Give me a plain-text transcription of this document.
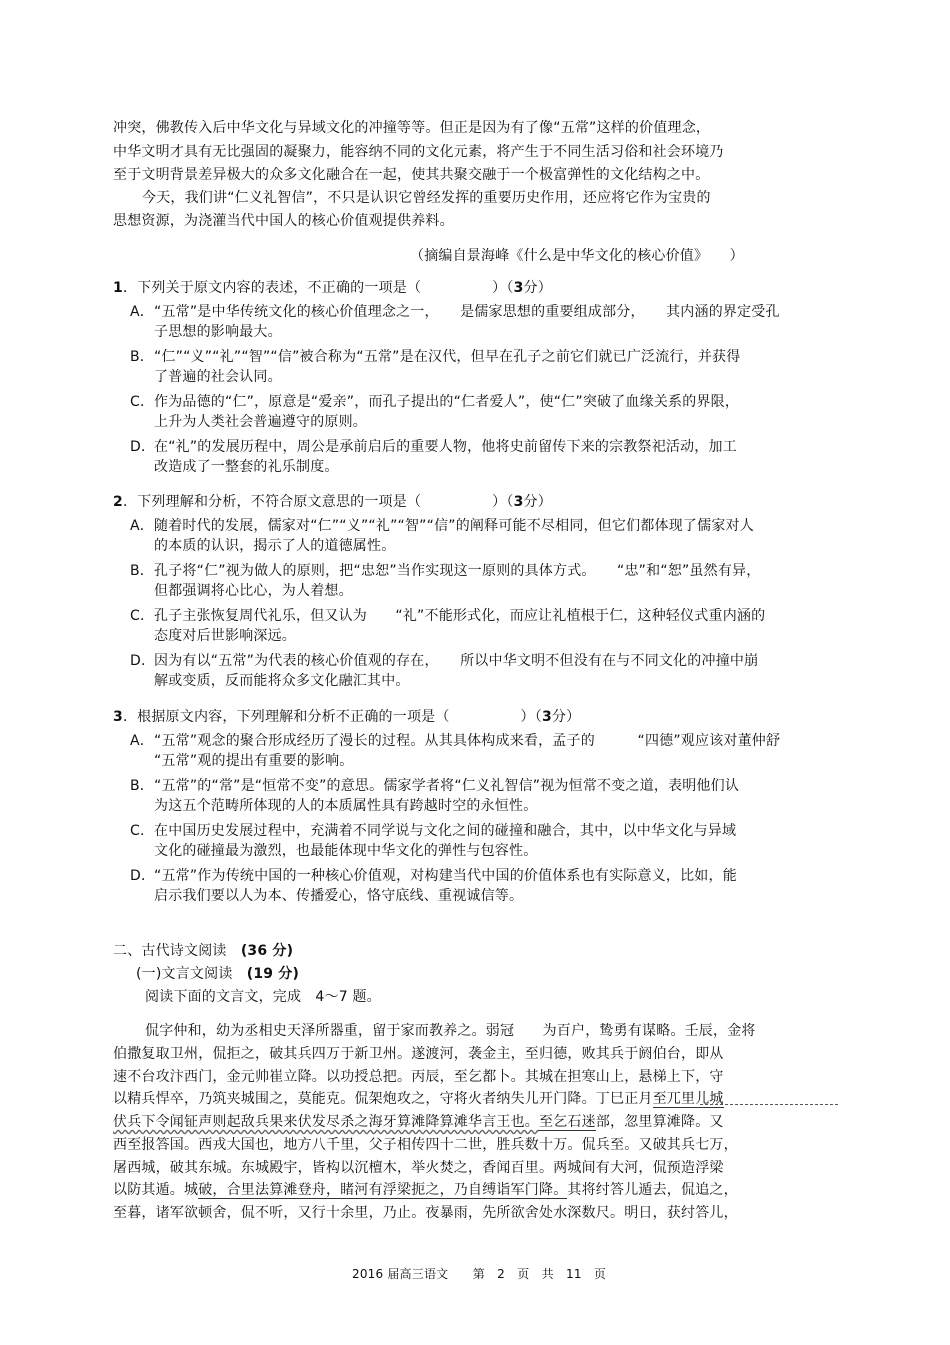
冲突，佛教传入后中华文化与异域文化的冲撞等等。但正是因为有了像“五常”这样的价值理念，
中华文明才具有无比强固的凝聚力，能容纳不同的文化元素，将产生于不同生活习俗和社会环境乃
至于文明背景差异极大的众多文化融合在一起，使其共聚交融于一个极富弹性的文化结构之中。
今天，我们讲“仁义礼智信”，不只是认识它曾经发挥的重要历史作用，还应将它作为宝贵的
思想资源，为浇灌当代中国人的核心价值观提供养料。
（摘编自景海峰《什么是中华文化的核心价值》　　）
1．下列关于原文内容的表述，不正确的一项是（　　　　　）（3分）
A．“五常”是中华传统文化的核心价值理念之一，　　是儒家思想的重要组成部分，　　其内涵的界定受孔
子思想的影响最大。
B．“仁”“义”“礼”“智”“信”被合称为“五常”是在汉代，但早在孔子之前它们就已广泛流行，并获得
了普遍的社会认同。
C．作为品德的“仁”，原意是“爱亲”，而孔子提出的“仁者爱人”，使“仁”突破了血缘关系的界限，
上升为人类社会普遍遵守的原则。
D．在“礼”的发展历程中，周公是承前启后的重要人物，他将史前留传下来的宗教祭祀活动，加工
改造成了一整套的礼乐制度。
2．下列理解和分析，不符合原文意思的一项是（　　　　　）（3分）
A．随着时代的发展，儒家对“仁”“义”“礼”“智”“信”的阐释可能不尽相同，但它们都体现了儒家对人
的本质的认识，揭示了人的道德属性。
B．孔子将“仁”视为做人的原则，把“忠恕”当作实现这一原则的具体方式。　　“忠”和“恕”虽然有异，
但都强调将心比心，为人着想。
C．孔子主张恢复周代礼乐，但又认为　　“礼”不能形式化，而应让礼植根于仁，这种轻仪式重内涵的
态度对后世影响深远。
D．因为有以“五常”为代表的核心价值观的存在，　　所以中华文明不但没有在与不同文化的冲撞中崩
解或变质，反而能将众多文化融汇其中。
3．根据原文内容，下列理解和分析不正确的一项是（　　　　　）（3分）
A．“五常”观念的聚合形成经历了漫长的过程。从其具体构成来看，孟子的　　　“四德”观应该对董仲舒
“五常”观的提出有重要的影响。
B．“五常”的“常”是“恒常不变”的意思。儒家学者将“仁义礼智信”视为恒常不变之道，表明他们认
为这五个范畴所体现的人的本质属性具有跨越时空的永恒性。
C．在中国历史发展过程中，充满着不同学说与文化之间的碰撞和融合，其中，以中华文化与异域
文化的碰撞最为激烈，也最能体现中华文化的弹性与包容性。
D．“五常”作为传统中国的一种核心价值观，对构建当代中国的价值体系也有实际意义，比如，能
启示我们要以人为本、传播爱心，恪守底线、重视诚信等。
二、古代诗文阅读　 (36 分)
(一)文言文阅读　 (19 分)
阅读下面的文言文，完成　4～7 题。
侃字仲和，幼为丞相史天泽所器重，留于家而教养之。弱冠　　为百户，鸷勇有谋略。壬辰，金将
伯撒复取卫州，侃拒之，破其兵四万于新卫州。遂渡河，袭金主，至归德，败其兵于阏伯台，即从
速不台攻汴西门，金元帅崔立降。以功授总把。丙辰，至乞都卜。其城在担寒山上，悬梯上下，守
以精兵悍卒，乃筑夹城围之，莫能克。侃架炮攻之，守将火者纳失儿开门降。丁巳正月至兀里儿城
伏兵下令闻钲声则起敌兵果来伏发尽杀之海牙算滩降算滩华言王也。至乞石迷部，忽里算滩降。又
西至报答国。西戎大国也，地方八千里，父子相传四十二世，胜兵数十万。侃兵至。又破其兵七万，
屠西城，破其东城。东城殿宇，皆构以沉檀木，举火焚之，香闻百里。两城间有大河，侃预造浮梁
以防其遁。城破，合里法算滩登舟，睹河有浮梁扼之，乃自缚诣军门降。其将纣答儿遁去，侃追之，
至暮，诸军欲顿舍，侃不听，又行十余里，乃止。夜暴雨，先所欲舍处水深数尺。明日，获纣答儿，
2016 届高三语文　　第　2　页　共　11　页
